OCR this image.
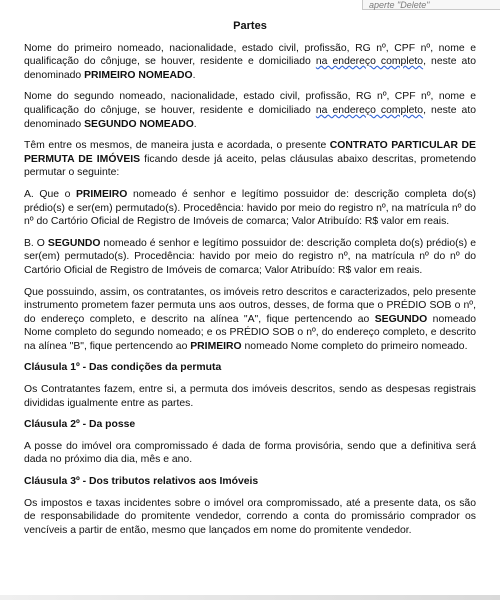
aperte "Delete"
Partes

Nome do primeiro nomeado, nacionalidade, estado civil, profissão, RG nº, CPF nº, nome e qualificação do cônjuge, se houver, residente e domiciliado na endereço completo, neste ato denominado PRIMEIRO NOMEADO.

Nome do segundo nomeado, nacionalidade, estado civil, profissão, RG nº, CPF nº, nome e qualificação do cônjuge, se houver, residente e domiciliado na endereço completo, neste ato denominado SEGUNDO NOMEADO.

Têm entre os mesmos, de maneira justa e acordada, o presente CONTRATO PARTICULAR DE PERMUTA DE IMÓVEIS ficando desde já aceito, pelas cláusulas abaixo descritas, prometendo permutar o seguinte:

A. Que o PRIMEIRO nomeado é senhor e legítimo possuidor de: descrição completa do(s) prédio(s) e ser(em) permutado(s). Procedência: havido por meio do registro nº, na matrícula nº do nº do Cartório Oficial de Registro de Imóveis de comarca; Valor Atribuído: R$ valor em reais.

B. O SEGUNDO nomeado é senhor e legítimo possuidor de: descrição completa do(s) prédio(s) e ser(em) permutado(s). Procedência: havido por meio do registro nº, na matrícula nº do nº do Cartório Oficial de Registro de Imóveis de comarca; Valor Atribuído: R$ valor em reais.

Que possuindo, assim, os contratantes, os imóveis retro descritos e caracterizados, pelo presente instrumento prometem fazer permuta uns aos outros, desses, de forma que o PRÉDIO SOB o nº, do endereço completo, e descrito na alínea "A", fique pertencendo ao SEGUNDO nomeado Nome completo do segundo nomeado; e os PRÉDIO SOB o nº, do endereço completo, e descrito na alínea "B", fique pertencendo ao PRIMEIRO nomeado Nome completo do primeiro nomeado.

Cláusula 1º - Das condições da permuta

Os Contratantes fazem, entre si, a permuta dos imóveis descritos, sendo as despesas registrais divididas igualmente entre as partes.

Cláusula 2º - Da posse

A posse do imóvel ora compromissado é dada de forma provisória, sendo que a definitiva será dada no próximo dia dia, mês e ano.

Cláusula 3º - Dos tributos relativos aos Imóveis

Os impostos e taxas incidentes sobre o imóvel ora compromissado, até a presente data, os são de responsabilidade do promitente vendedor, correndo a conta do promissário comprador os vencíveis a partir de então, mesmo que lançados em nome do promitente vendedor.
